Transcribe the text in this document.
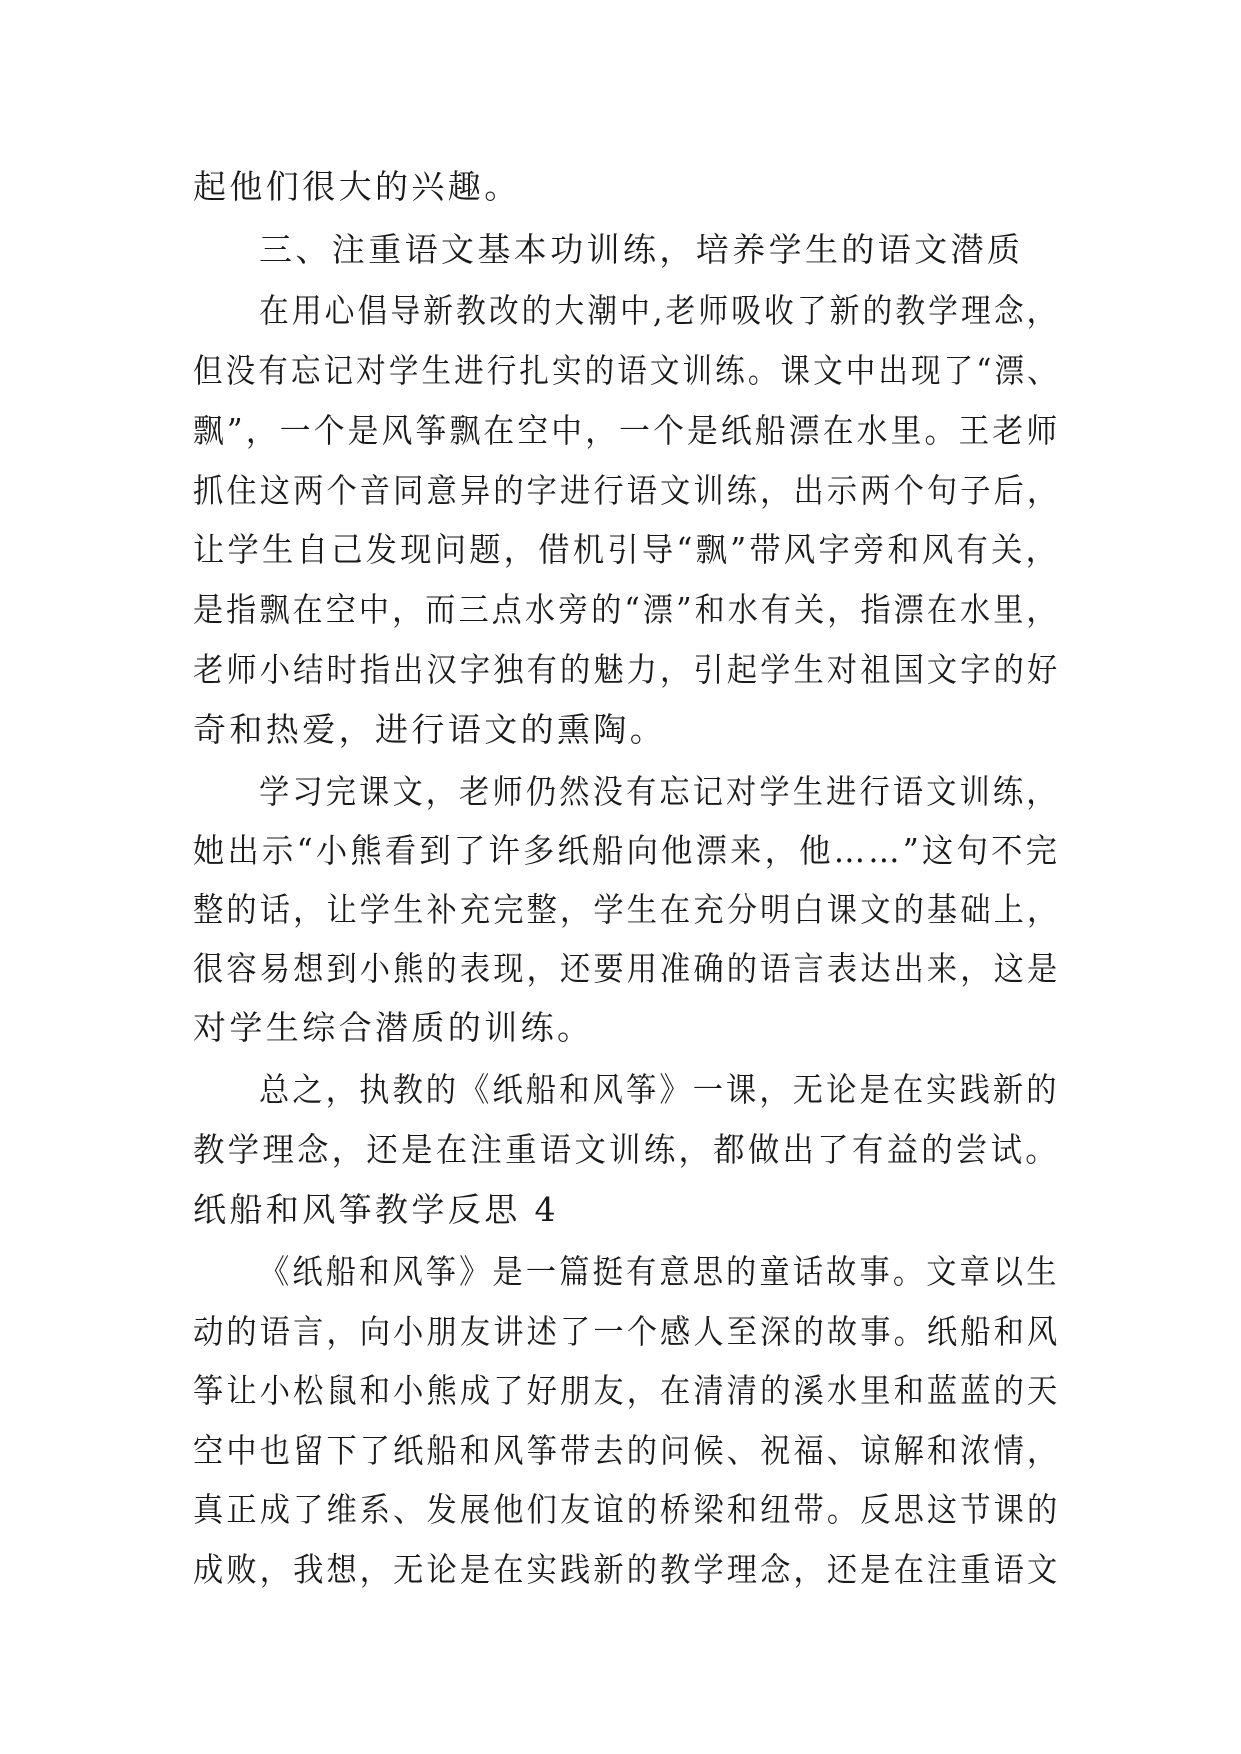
起他们很大的兴趣。
三、注重语文基本功训练，培养学生的语文潜质
在用心倡导新教改的大潮中,老师吸收了新的教学理念，
但没有忘记对学生进行扎实的语文训练。课文中出现了“漂、
飘”，一个是风筝飘在空中，一个是纸船漂在水里。王老师
抓住这两个音同意异的字进行语文训练，出示两个句子后，
让学生自己发现问题，借机引导“飘”带风字旁和风有关，
是指飘在空中，而三点水旁的“漂”和水有关，指漂在水里，
老师小结时指出汉字独有的魅力，引起学生对祖国文字的好
奇和热爱，进行语文的熏陶。
学习完课文，老师仍然没有忘记对学生进行语文训练，
她出示“小熊看到了许多纸船向他漂来，他……”这句不完
整的话，让学生补充完整，学生在充分明白课文的基础上，
很容易想到小熊的表现，还要用准确的语言表达出来，这是
对学生综合潜质的训练。
总之，执教的《纸船和风筝》一课，无论是在实践新的
教学理念，还是在注重语文训练，都做出了有益的尝试。
纸船和风筝教学反思 4
《纸船和风筝》是一篇挺有意思的童话故事。文章以生
动的语言，向小朋友讲述了一个感人至深的故事。纸船和风
筝让小松鼠和小熊成了好朋友，在清清的溪水里和蓝蓝的天
空中也留下了纸船和风筝带去的问候、祝福、谅解和浓情，
真正成了维系、发展他们友谊的桥梁和纽带。反思这节课的
成败，我想，无论是在实践新的教学理念，还是在注重语文
